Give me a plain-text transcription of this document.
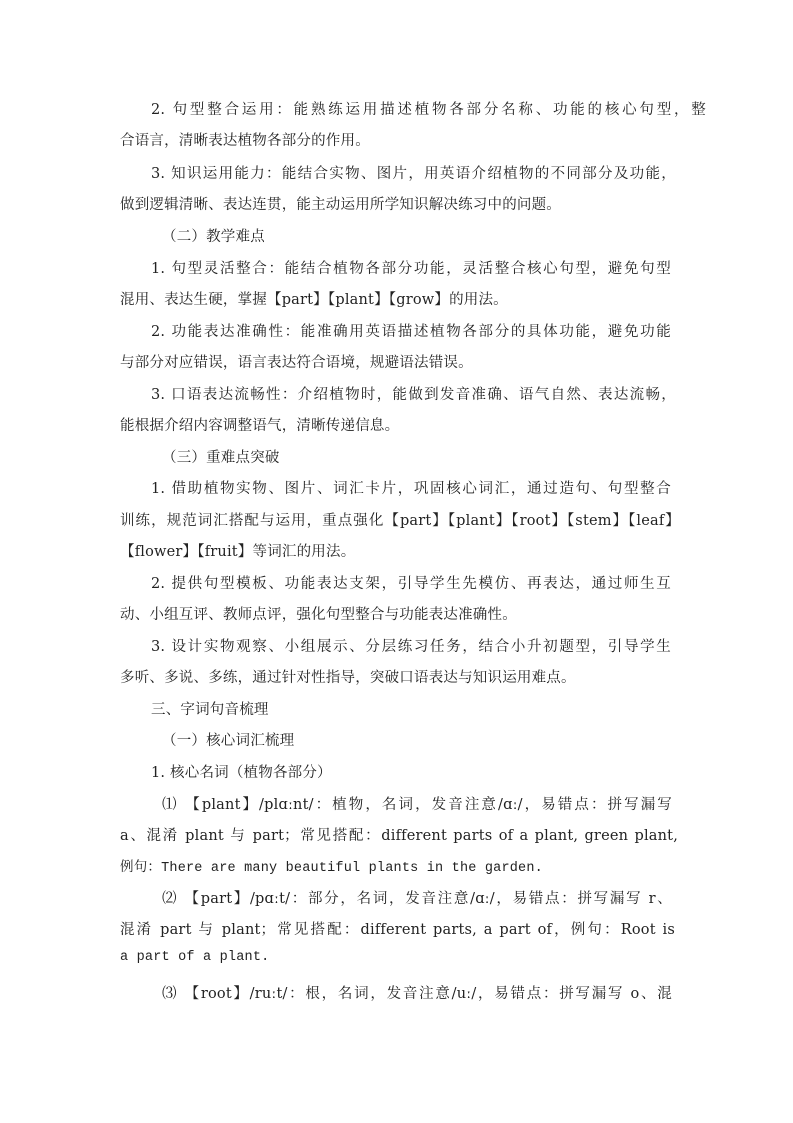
2. 句型整合运用：能熟练运用描述植物各部分名称、功能的核心句型，整
合语言，清晰表达植物各部分的作用。
3. 知识运用能力：能结合实物、图片，用英语介绍植物的不同部分及功能，
做到逻辑清晰、表达连贯，能主动运用所学知识解决练习中的问题。
（二）教学难点
1. 句型灵活整合：能结合植物各部分功能，灵活整合核心句型，避免句型
混用、表达生硬，掌握【part】【plant】【grow】的用法。
2. 功能表达准确性：能准确用英语描述植物各部分的具体功能，避免功能
与部分对应错误，语言表达符合语境，规避语法错误。
3. 口语表达流畅性：介绍植物时，能做到发音准确、语气自然、表达流畅，
能根据介绍内容调整语气，清晰传递信息。
（三）重难点突破
1. 借助植物实物、图片、词汇卡片，巩固核心词汇，通过造句、句型整合
训练，规范词汇搭配与运用，重点强化【part】【plant】【root】【stem】【leaf】
【flower】【fruit】等词汇的用法。
2. 提供句型模板、功能表达支架，引导学生先模仿、再表达，通过师生互
动、小组互评、教师点评，强化句型整合与功能表达准确性。
3. 设计实物观察、小组展示、分层练习任务，结合小升初题型，引导学生
多听、多说、多练，通过针对性指导，突破口语表达与知识运用难点。
三、字词句音梳理
（一）核心词汇梳理
1. 核心名词（植物各部分）
⑴ 【plant】/plɑːnt/：植物，名词，发音注意/ɑː/，易错点：拼写漏写
a、混淆 plant 与 part；常见搭配：different parts of a plant, green plant,
例句：There are many beautiful plants in the garden.
⑵ 【part】/pɑːt/：部分，名词，发音注意/ɑː/，易错点：拼写漏写 r、
混淆 part 与 plant；常见搭配：different parts, a part of，例句：Root is
a part of a plant.
⑶ 【root】/ruːt/：根，名词，发音注意/uː/，易错点：拼写漏写 o、混
